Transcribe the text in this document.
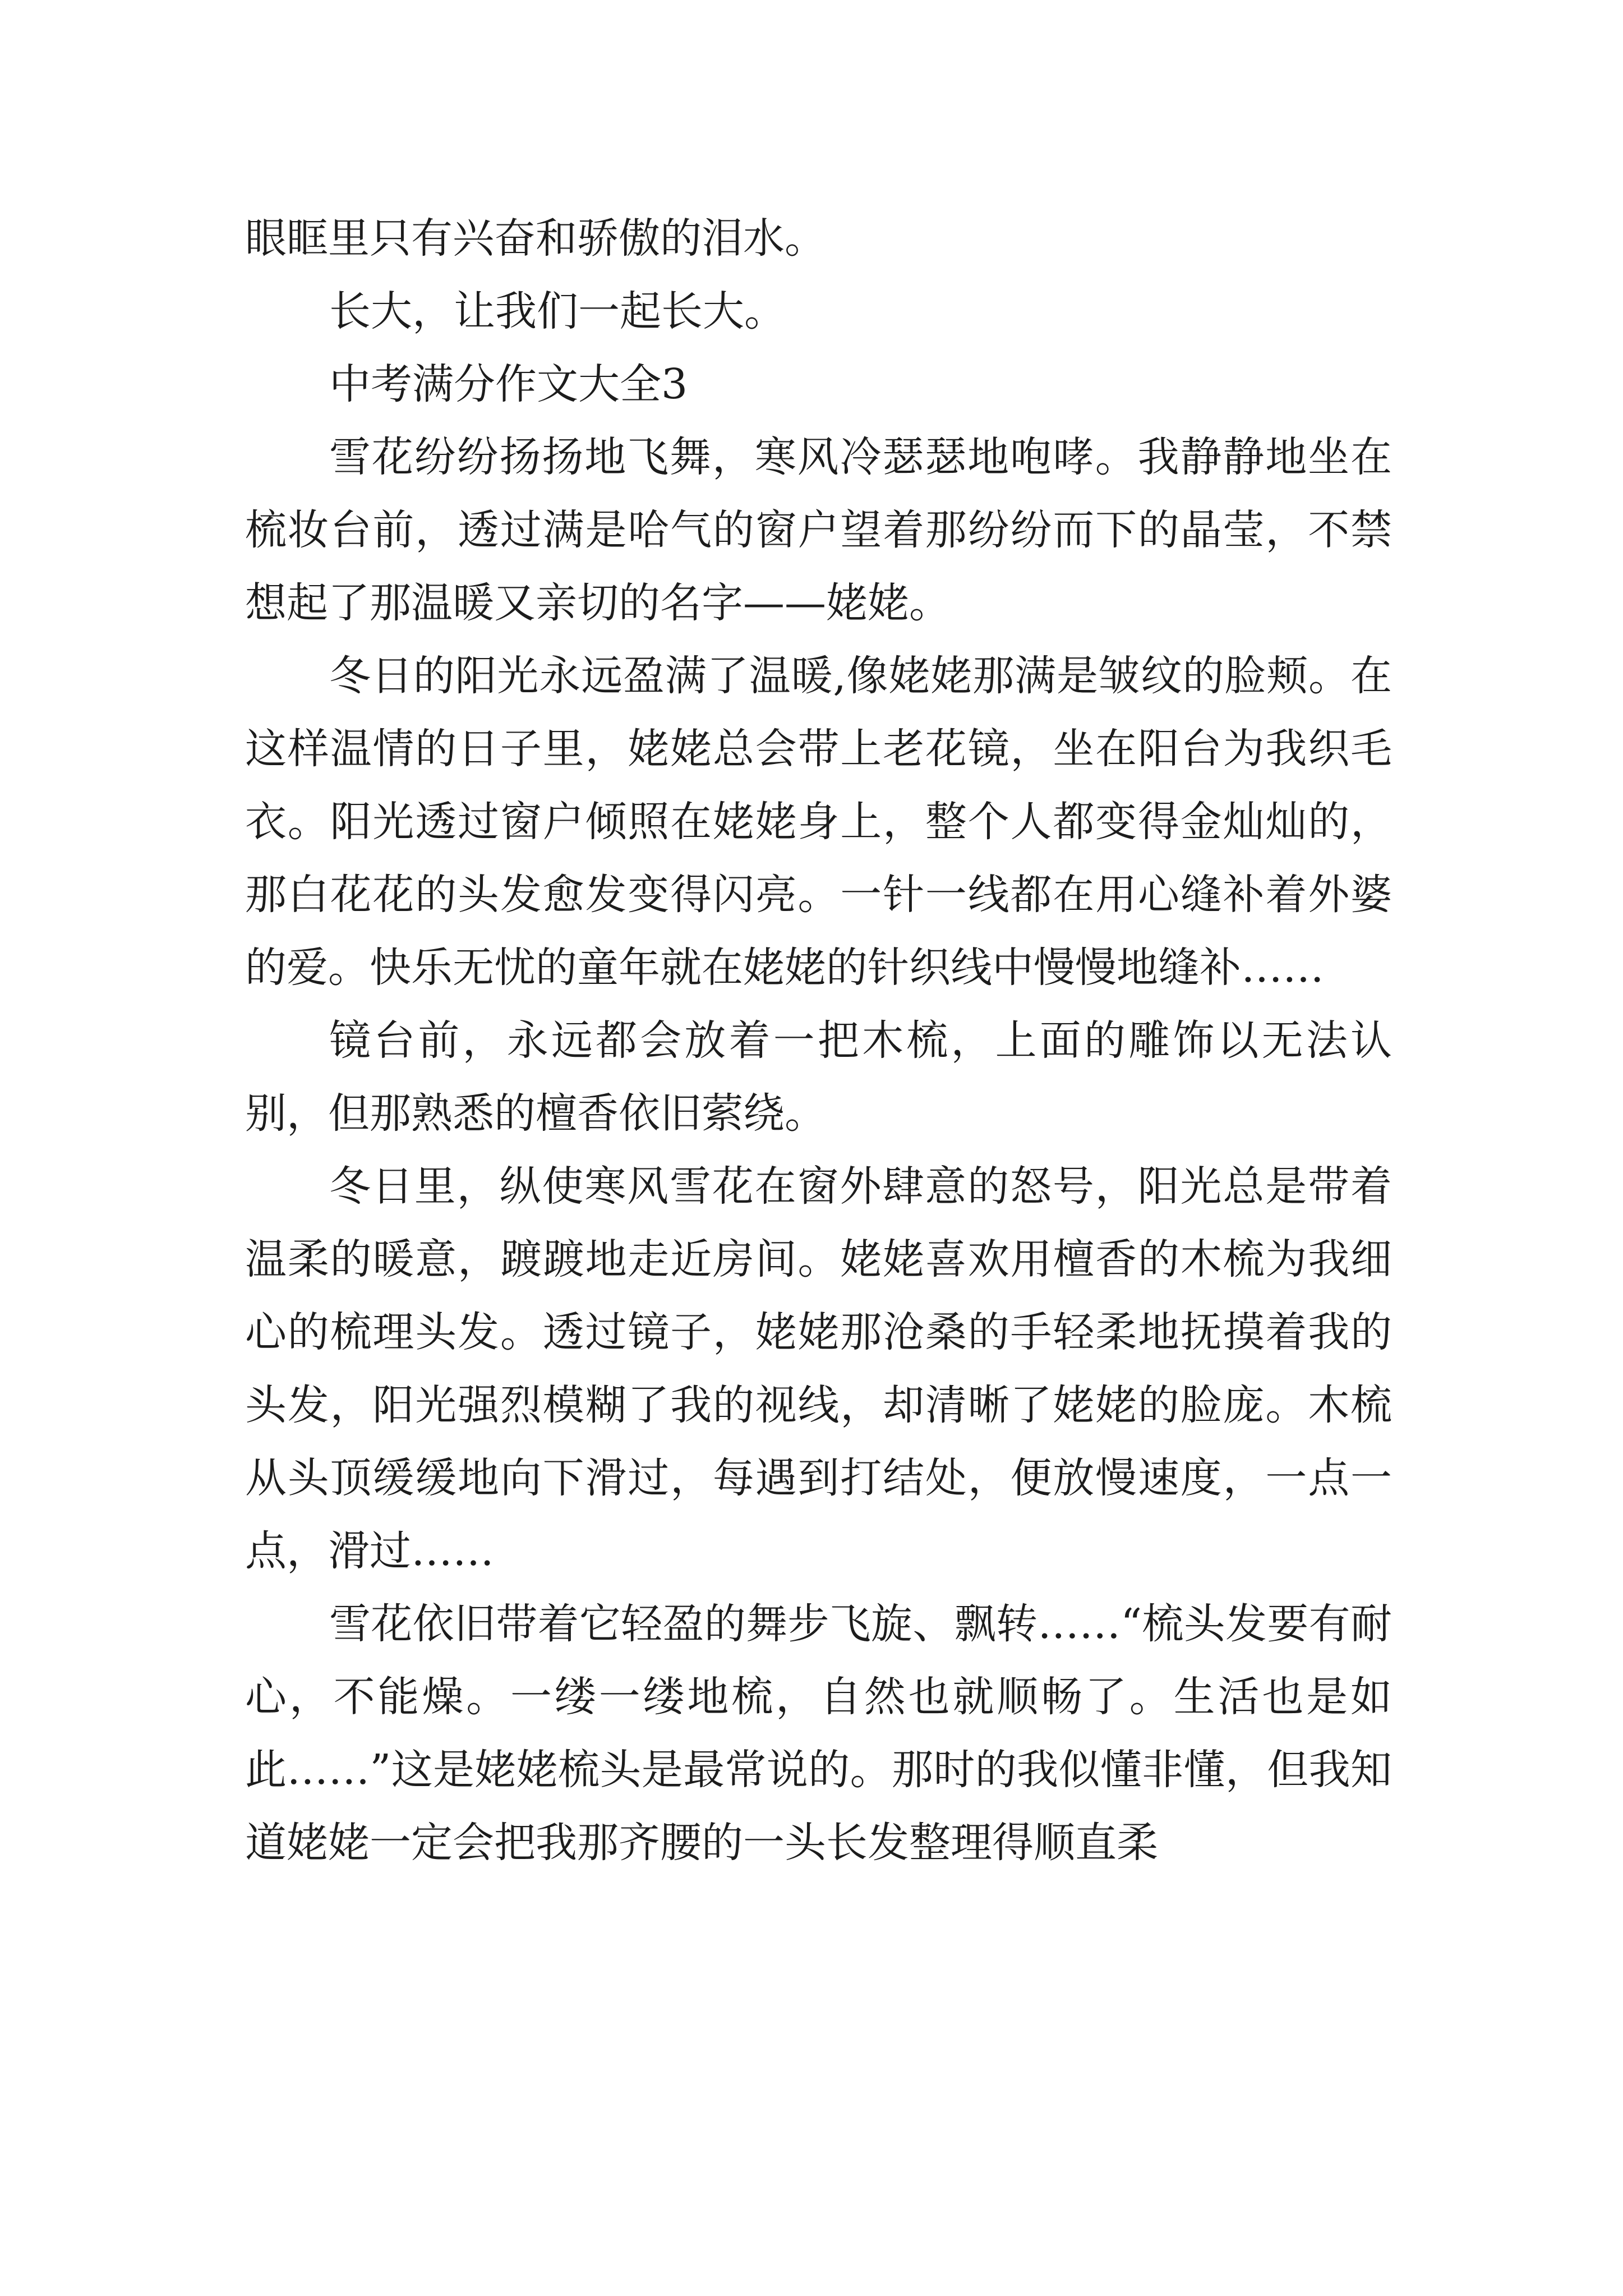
眼眶里只有兴奋和骄傲的泪水。

长大，让我们一起长大。

中考满分作文大全3

雪花纷纷扬扬地飞舞，寒风冷瑟瑟地咆哮。我静静地坐在梳妆台前，透过满是哈气的窗户望着那纷纷而下的晶莹，不禁想起了那温暖又亲切的名字——姥姥。

冬日的阳光永远盈满了温暖,像姥姥那满是皱纹的脸颊。在这样温情的日子里，姥姥总会带上老花镜，坐在阳台为我织毛衣。阳光透过窗户倾照在姥姥身上，整个人都变得金灿灿的，那白花花的头发愈发变得闪亮。一针一线都在用心缝补着外婆的爱。快乐无忧的童年就在姥姥的针织线中慢慢地缝补……

镜台前，永远都会放着一把木梳，上面的雕饰以无法认别，但那熟悉的檀香依旧萦绕。

冬日里，纵使寒风雪花在窗外肆意的怒号，阳光总是带着温柔的暖意，踱踱地走近房间。姥姥喜欢用檀香的木梳为我细心的梳理头发。透过镜子，姥姥那沧桑的手轻柔地抚摸着我的头发，阳光强烈模糊了我的视线，却清晰了姥姥的脸庞。木梳从头顶缓缓地向下滑过，每遇到打结处，便放慢速度，一点一点，滑过……

雪花依旧带着它轻盈的舞步飞旋、飘转……“梳头发要有耐心，不能燥。一缕一缕地梳，自然也就顺畅了。生活也是如此……”这是姥姥梳头是最常说的。那时的我似懂非懂，但我知道姥姥一定会把我那齐腰的一头长发整理得顺直柔
